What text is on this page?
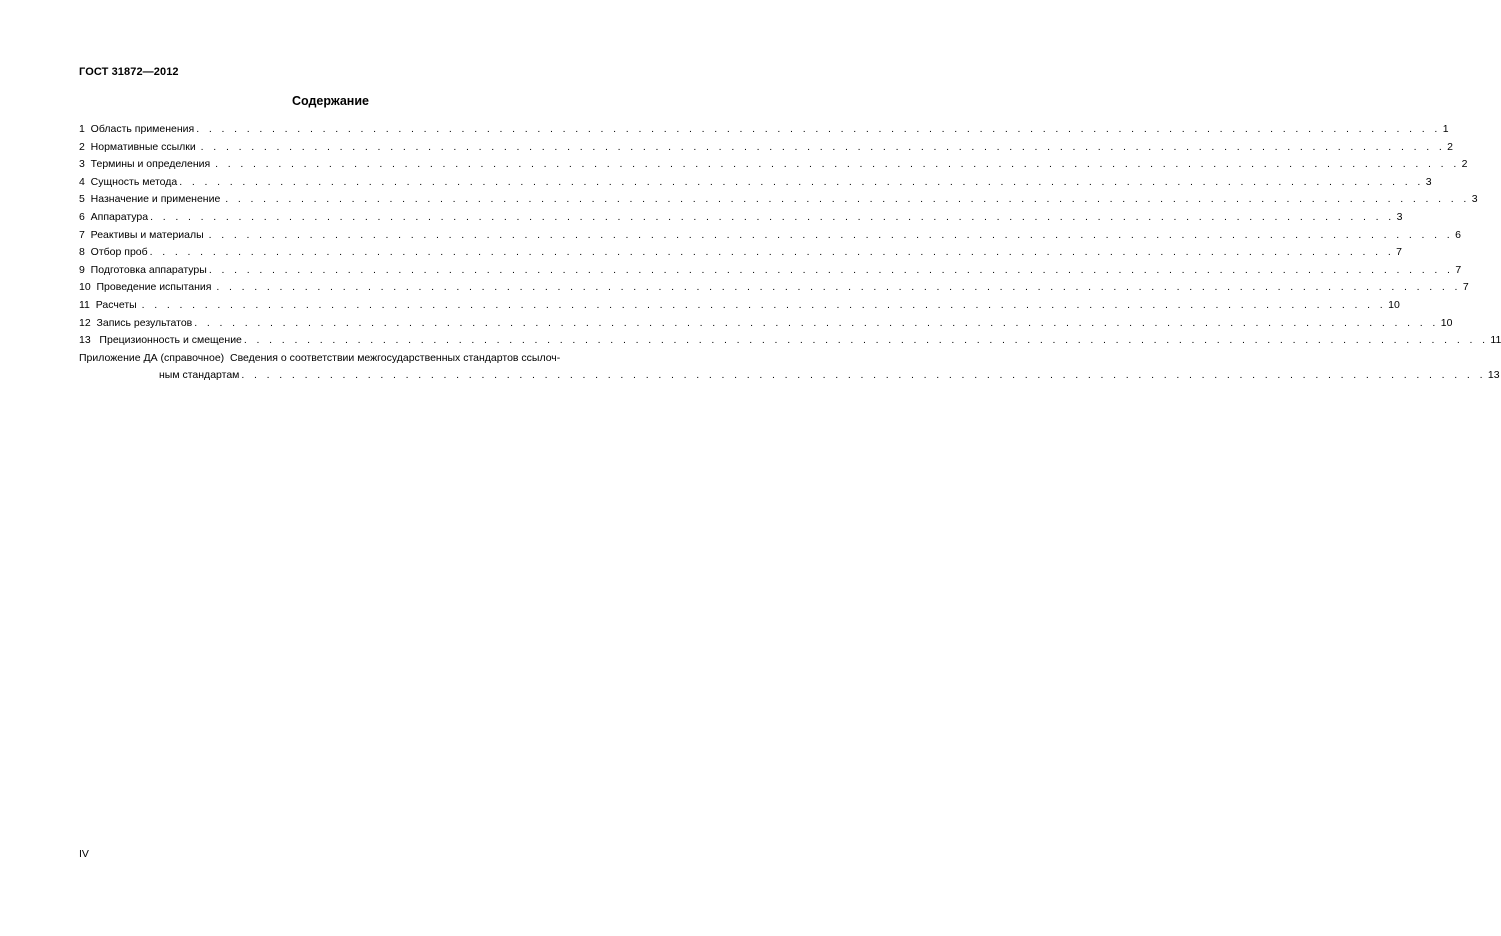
ГОСТ 31872—2012
Содержание
1  Область применения . . . . . . . . . . . . . . . . . . . . . . . . . . . . . . . . . . . . . . . . . . . . . . . . . . . . . . . . . . . . . . . . . . . . . . . . . . . . . . . . . . . . . . . . . . . . . . . . . . . 1
2  Нормативные ссылки . . . . . . . . . . . . . . . . . . . . . . . . . . . . . . . . . . . . . . . . . . . . . . . . . . . . . . . . . . . . . . . . . . . . . . . . . . . . . . . . . . . . . . . . . . . . . . . . . . . 2
3  Термины и определения . . . . . . . . . . . . . . . . . . . . . . . . . . . . . . . . . . . . . . . . . . . . . . . . . . . . . . . . . . . . . . . . . . . . . . . . . . . . . . . . . . . . . . . . . . . . . . . . . . . 2
4  Сущность метода . . . . . . . . . . . . . . . . . . . . . . . . . . . . . . . . . . . . . . . . . . . . . . . . . . . . . . . . . . . . . . . . . . . . . . . . . . . . . . . . . . . . . . . . . . . . . . . . . . . 3
5  Назначение и применение . . . . . . . . . . . . . . . . . . . . . . . . . . . . . . . . . . . . . . . . . . . . . . . . . . . . . . . . . . . . . . . . . . . . . . . . . . . . . . . . . . . . . . . . . . . . . . . . . . . 3
6  Аппаратура . . . . . . . . . . . . . . . . . . . . . . . . . . . . . . . . . . . . . . . . . . . . . . . . . . . . . . . . . . . . . . . . . . . . . . . . . . . . . . . . . . . . . . . . . . . . . . . . . . . 3
7  Реактивы и материалы . . . . . . . . . . . . . . . . . . . . . . . . . . . . . . . . . . . . . . . . . . . . . . . . . . . . . . . . . . . . . . . . . . . . . . . . . . . . . . . . . . . . . . . . . . . . . . . . . . . 6
8  Отбор проб . . . . . . . . . . . . . . . . . . . . . . . . . . . . . . . . . . . . . . . . . . . . . . . . . . . . . . . . . . . . . . . . . . . . . . . . . . . . . . . . . . . . . . . . . . . . . . . . . . . 7
9  Подготовка аппаратуры . . . . . . . . . . . . . . . . . . . . . . . . . . . . . . . . . . . . . . . . . . . . . . . . . . . . . . . . . . . . . . . . . . . . . . . . . . . . . . . . . . . . . . . . . . . . . . . . . . . 7
10  Проведение испытания . . . . . . . . . . . . . . . . . . . . . . . . . . . . . . . . . . . . . . . . . . . . . . . . . . . . . . . . . . . . . . . . . . . . . . . . . . . . . . . . . . . . . . . . . . . . . . . . . . . 7
11  Расчеты . . . . . . . . . . . . . . . . . . . . . . . . . . . . . . . . . . . . . . . . . . . . . . . . . . . . . . . . . . . . . . . . . . . . . . . . . . . . . . . . . . . . . . . . . . . . . . . . . . . 10
12  Запись результатов . . . . . . . . . . . . . . . . . . . . . . . . . . . . . . . . . . . . . . . . . . . . . . . . . . . . . . . . . . . . . . . . . . . . . . . . . . . . . . . . . . . . . . . . . . . . . . . . . . . 10
13   Прецизионность и смещение . . . . . . . . . . . . . . . . . . . . . . . . . . . . . . . . . . . . . . . . . . . . . . . . . . . . . . . . . . . . . . . . . . . . . . . . . . . . . . . . . . . . . . . . . . . . . . . . . . . 11
Приложение ДА (справочное)  Сведения о соответствии межгосударственных стандартов ссылоч-
ным стандартам . . . . . . . . . . . . . . . . . . . . . . . . . . . . . . . . . . . . . . . . . . . . . . . . . . . . . . . . . . . . . . . . . . . . . . . . . . . . . . . . . . . . . . . . . . . . . . . . . . . 13
IV
